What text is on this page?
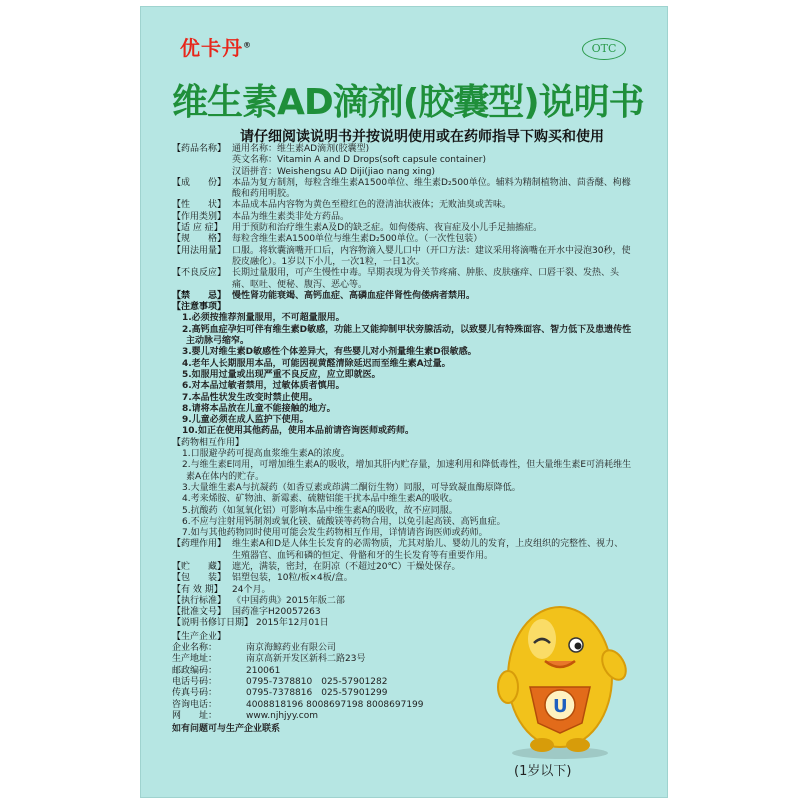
优卡丹®	OTC
维生素AD滴剂(胶囊型)说明书
请仔细阅读说明书并按说明使用或在药师指导下购买和使用
【药品名称】 通用名称：维生素AD滴剂(胶囊型)
英文名称：Vitamin A and D Drops(soft capsule container)
汉语拼音：Weishengsu AD Diji(jiao nang xing)
【成　　份】 本品为复方制剂，每粒含维生素A1500单位、维生素D₂500单位。辅料为精制植物油、茴香醚、枸橼酸和药用明胶。
【性　　状】 本品成本品内容物为黄色至橙红色的澄清油状液体；无败油臭或苦味。
【作用类别】 本品为维生素类非处方药品。
【适 应 症】	用于预防和治疗维生素A及D的缺乏症。如佝偻病、夜盲症及小儿手足抽搐症。
【规　　格】 每粒含维生素A1500单位与维生素D₂500单位。（一次性包装）
【用法用量】 口服。将软囊滴嘴开口后，内容物滴入婴儿口中（开口方法：建议采用将滴嘴在开水中浸泡30秒，使胶皮融化）。1岁以下小儿，一次1粒，一日1次。
【不良反应】 长期过量服用，可产生慢性中毒。早期表现为骨关节疼痛、肿胀、皮肤瘙痒、口唇干裂、发热、头痛、呕吐、便秘、腹泻、恶心等。
【禁　　忌】 慢性肾功能衰竭、高钙血症、高磷血症伴肾性佝偻病者禁用。
【注意事项】
1.必须按推荐剂量服用，不可超量服用。
2.高钙血症孕妇可伴有维生素D敏感，功能上又能抑制甲状旁腺活动，以致婴儿有特殊面容、智力低下及患遗传性主动脉弓缩窄。
3.婴儿对维生素D敏感性个体差异大，有些婴儿对小剂量维生素D很敏感。
4.老年人长期服用本品，可能因视黄醛清除延迟而至维生素A过量。
5.如服用过量或出现严重不良反应，应立即就医。
6.对本品过敏者禁用，过敏体质者慎用。
7.本品性状发生改变时禁止使用。
8.请将本品放在儿童不能接触的地方。
9.儿童必须在成人监护下使用。
10.如正在使用其他药品，使用本品前请咨询医师或药师。
【药物相互作用】
1.口服避孕药可提高血浆维生素A的浓度。
2.与维生素E同用，可增加维生素A的吸收，增加其肝内贮存量，加速利用和降低毒性，但大量维生素E可消耗维生素A在体内的贮存。
3.大量维生素A与抗凝药（如香豆素或茚满二酮衍生物）同服，可导致凝血酶原降低。
4.考来烯胺、矿物油、新霉素、硫糖铝能干扰本品中维生素A的吸收。
5.抗酸药（如氢氧化铝）可影响本品中维生素A的吸收，故不应同服。
6.不应与注射用钙制剂或氧化镁、硫酸镁等药物合用，以免引起高镁、高钙血症。
7.如与其他药物同时使用可能会发生药物相互作用，详情请咨询医师或药师。
【药理作用】 维生素A和D是人体生长发育的必需物质，尤其对胎儿、婴幼儿的发育，上皮组织的完整性、视力、生殖器官、血钙和磷的恒定、骨骼和牙的生长发育等有重要作用。
【贮　　藏】 遮光，满装，密封，在阴凉（不超过20℃）干燥处保存。
【包　　装】 铝塑包装，10粒/板×4板/盒。
【有 效 期】	24个月。
【执行标准】 《中国药典》2015年版二部
【批准文号】 国药准字H20057263
【说明书修订日期】 2015年12月01日
【生产企业】
企业名称：	南京海鲸药业有限公司
生产地址：	南京高新开发区新科二路23号
邮政编码：	210061
电话号码：	0795-7378810　025-57901282
传真号码：	0795-7378816　025-57901299
咨询电话：	4008818196 8008697198 8008697199
网　　址：	www.njhjyy.com
如有问题可与生产企业联系
U
(1岁以下)
